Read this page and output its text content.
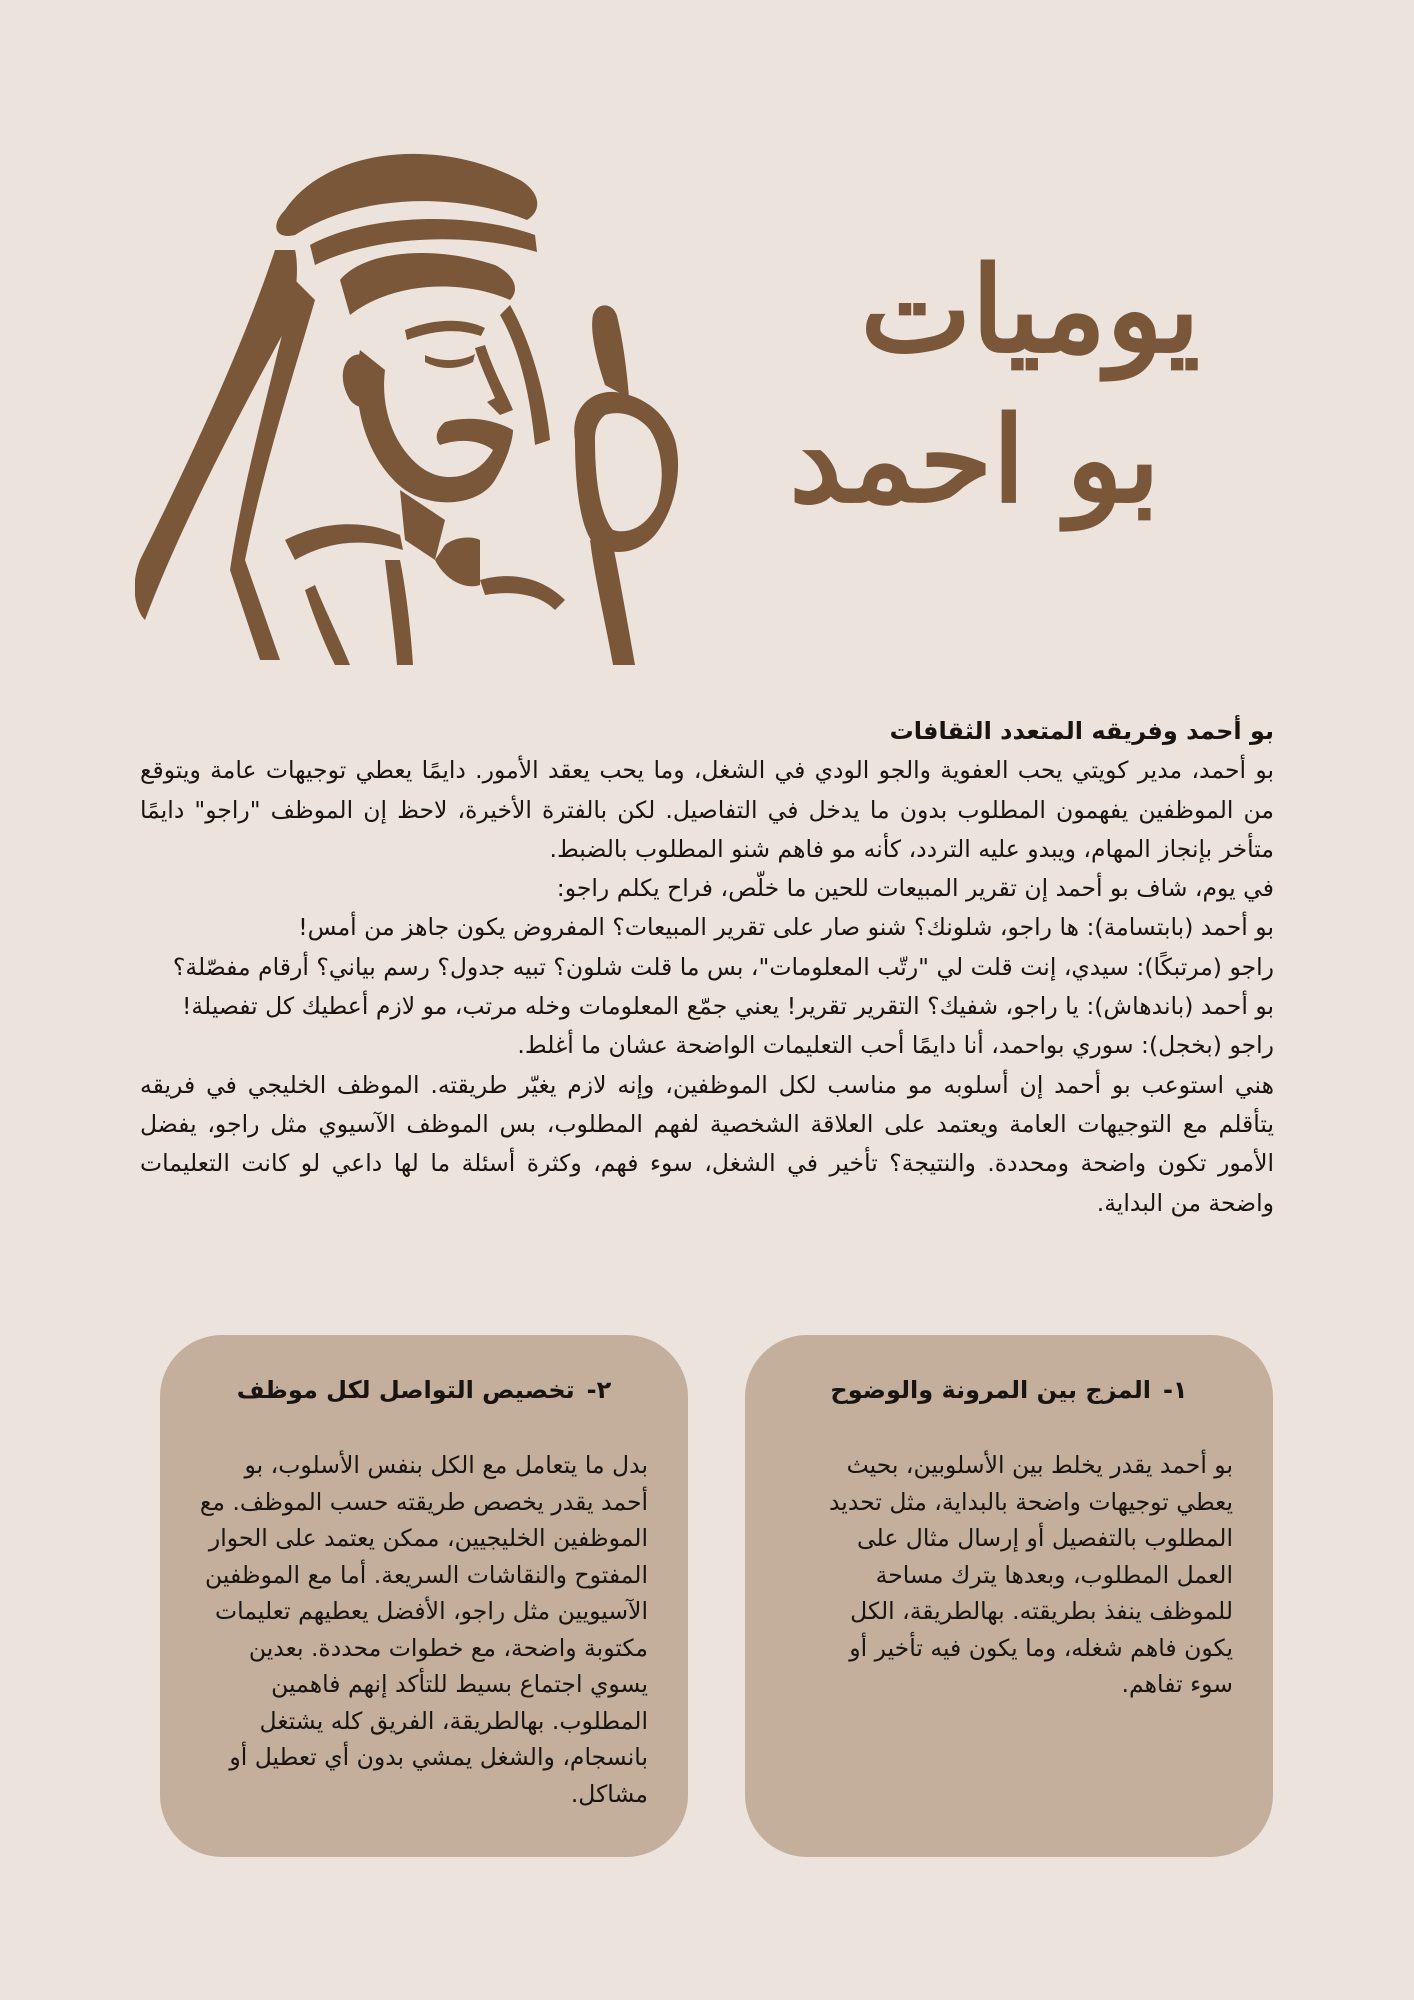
يوميات
بو احمد
بو أحمد وفريقه المتعدد الثقافات

بو أحمد، مدير كويتي يحب العفوية والجو الودي في الشغل، وما يحب يعقد الأمور. دايمًا يعطي توجيهات عامة ويتوقع من الموظفين يفهمون المطلوب بدون ما يدخل في التفاصيل. لكن بالفترة الأخيرة، لاحظ إن الموظف "راجو" دايمًا متأخر بإنجاز المهام، ويبدو عليه التردد، كأنه مو فاهم شنو المطلوب بالضبط.

في يوم، شاف بو أحمد إن تقرير المبيعات للحين ما خلّص، فراح يكلم راجو:

بو أحمد (بابتسامة): ها راجو، شلونك؟ شنو صار على تقرير المبيعات؟ المفروض يكون جاهز من أمس!

راجو (مرتبكًا): سيدي، إنت قلت لي "رتّب المعلومات"، بس ما قلت شلون؟ تبيه جدول؟ رسم بياني؟ أرقام مفصّلة؟

بو أحمد (باندهاش): يا راجو، شفيك؟ التقرير تقرير! يعني جمّع المعلومات وخله مرتب، مو لازم أعطيك كل تفصيلة!

راجو (بخجل): سوري بواحمد، أنا دايمًا أحب التعليمات الواضحة عشان ما أغلط.

هني استوعب بو أحمد إن أسلوبه مو مناسب لكل الموظفين، وإنه لازم يغيّر طريقته. الموظف الخليجي في فريقه يتأقلم مع التوجيهات العامة ويعتمد على العلاقة الشخصية لفهم المطلوب، بس الموظف الآسيوي مثل راجو، يفضل الأمور تكون واضحة ومحددة. والنتيجة؟ تأخير في الشغل، سوء فهم، وكثرة أسئلة ما لها داعي لو كانت التعليمات واضحة من البداية.

١-المزج بين المرونة والوضوح

بو أحمد يقدر يخلط بين الأسلوبين، بحيث يعطي توجيهات واضحة بالبداية، مثل تحديد المطلوب بالتفصيل أو إرسال مثال على العمل المطلوب، وبعدها يترك مساحة للموظف ينفذ بطريقته. بهالطريقة، الكل يكون فاهم شغله، وما يكون فيه تأخير أو سوء تفاهم.

٢-تخصيص التواصل لكل موظف

بدل ما يتعامل مع الكل بنفس الأسلوب، بو أحمد يقدر يخصص طريقته حسب الموظف. مع الموظفين الخليجيين، ممكن يعتمد على الحوار المفتوح والنقاشات السريعة. أما مع الموظفين الآسيويين مثل راجو، الأفضل يعطيهم تعليمات مكتوبة واضحة، مع خطوات محددة. بعدين يسوي اجتماع بسيط للتأكد إنهم فاهمين المطلوب. بهالطريقة، الفريق كله يشتغل بانسجام، والشغل يمشي بدون أي تعطيل أو مشاكل.
